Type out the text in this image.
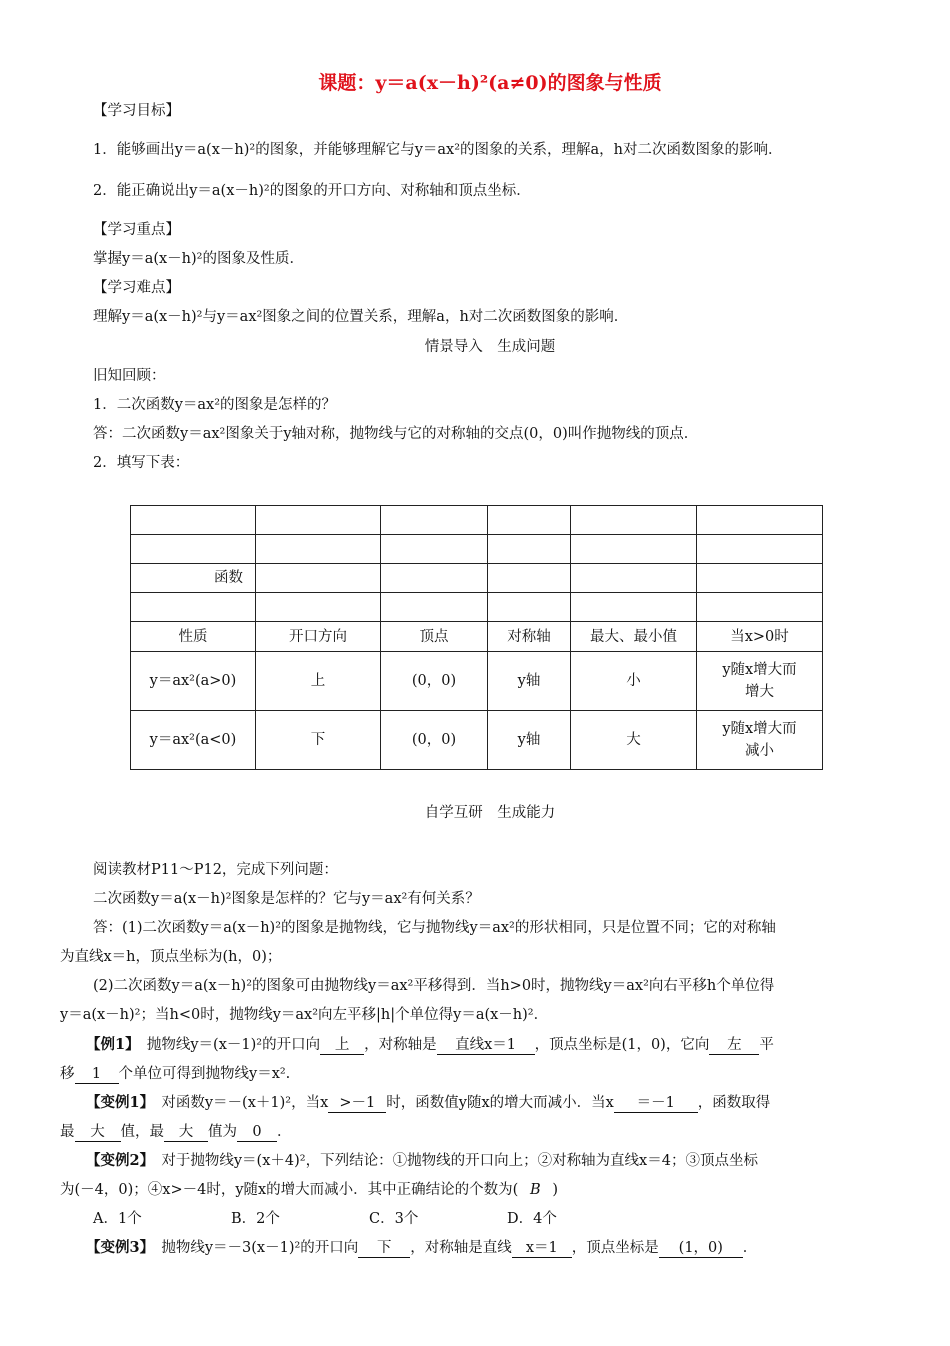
课题：y＝a(x－h)²(a≠0)的图象与性质
【学习目标】
1．能够画出y＝a(x－h)²的图象，并能够理解它与y＝ax²的图象的关系，理解a，h对二次函数图象的影响．
2．能正确说出y＝a(x－h)²的图象的开口方向、对称轴和顶点坐标．
【学习重点】
掌握y＝a(x－h)²的图象及性质．
【学习难点】
理解y＝a(x－h)²与y＝ax²图象之间的位置关系，理解a，h对二次函数图象的影响．
情景导入　生成问题
旧知回顾：
1．二次函数y＝ax²的图象是怎样的？
答：二次函数y＝ax²图象关于y轴对称，抛物线与它的对称轴的交点(0，0)叫作抛物线的顶点．
2．填写下表：

函数					

性质	开口方向	顶点	对称轴	最大、最小值	当x>0时
y＝ax²(a>0)	上	(0，0)	y轴	小	y随x增大而
增大

y＝ax²(a<0)	下	(0，0)	y轴	大	y随x增大而
减小
自学互研　生成能力
阅读教材P11～P12，完成下列问题：
二次函数y＝a(x－h)²图象是怎样的？它与y＝ax²有何关系？
答：(1)二次函数y＝a(x－h)²的图象是抛物线，它与抛物线y＝ax²的形状相同，只是位置不同；它的对称轴
为直线x＝h，顶点坐标为(h，0)；
(2)二次函数y＝a(x－h)²的图象可由抛物线y＝ax²平移得到．当h>0时，抛物线y＝ax²向右平移h个单位得
y＝a(x－h)²；当h<0时，抛物线y＝ax²向左平移|h|个单位得y＝a(x－h)²．
【例1】　抛物线y＝(x－1)²的开口向 上 ，对称轴是 直线x＝1 ，顶点坐标是(1，0)，它向 左 平
移 1 个单位可得到抛物线y＝x².
【变例1】　对函数y＝－(x＋1)²，当x >－1 时，函数值y随x的增大而减小．当x ＝－1 ，函数取得
最 大 值，最 大 值为 0 ．
【变例2】　对于抛物线y＝(x＋4)²，下列结论：①抛物线的开口向上；②对称轴为直线x＝4；③顶点坐标
为(－4，0)；④x>－4时，y随x的增大而减小．其中正确结论的个数为( B )
A．1个	B．2个	C．3个	D．4个
【变例3】　抛物线y＝－3(x－1)²的开口向 下 ，对称轴是直线 x＝1 ，顶点坐标是 (1，0) ．
